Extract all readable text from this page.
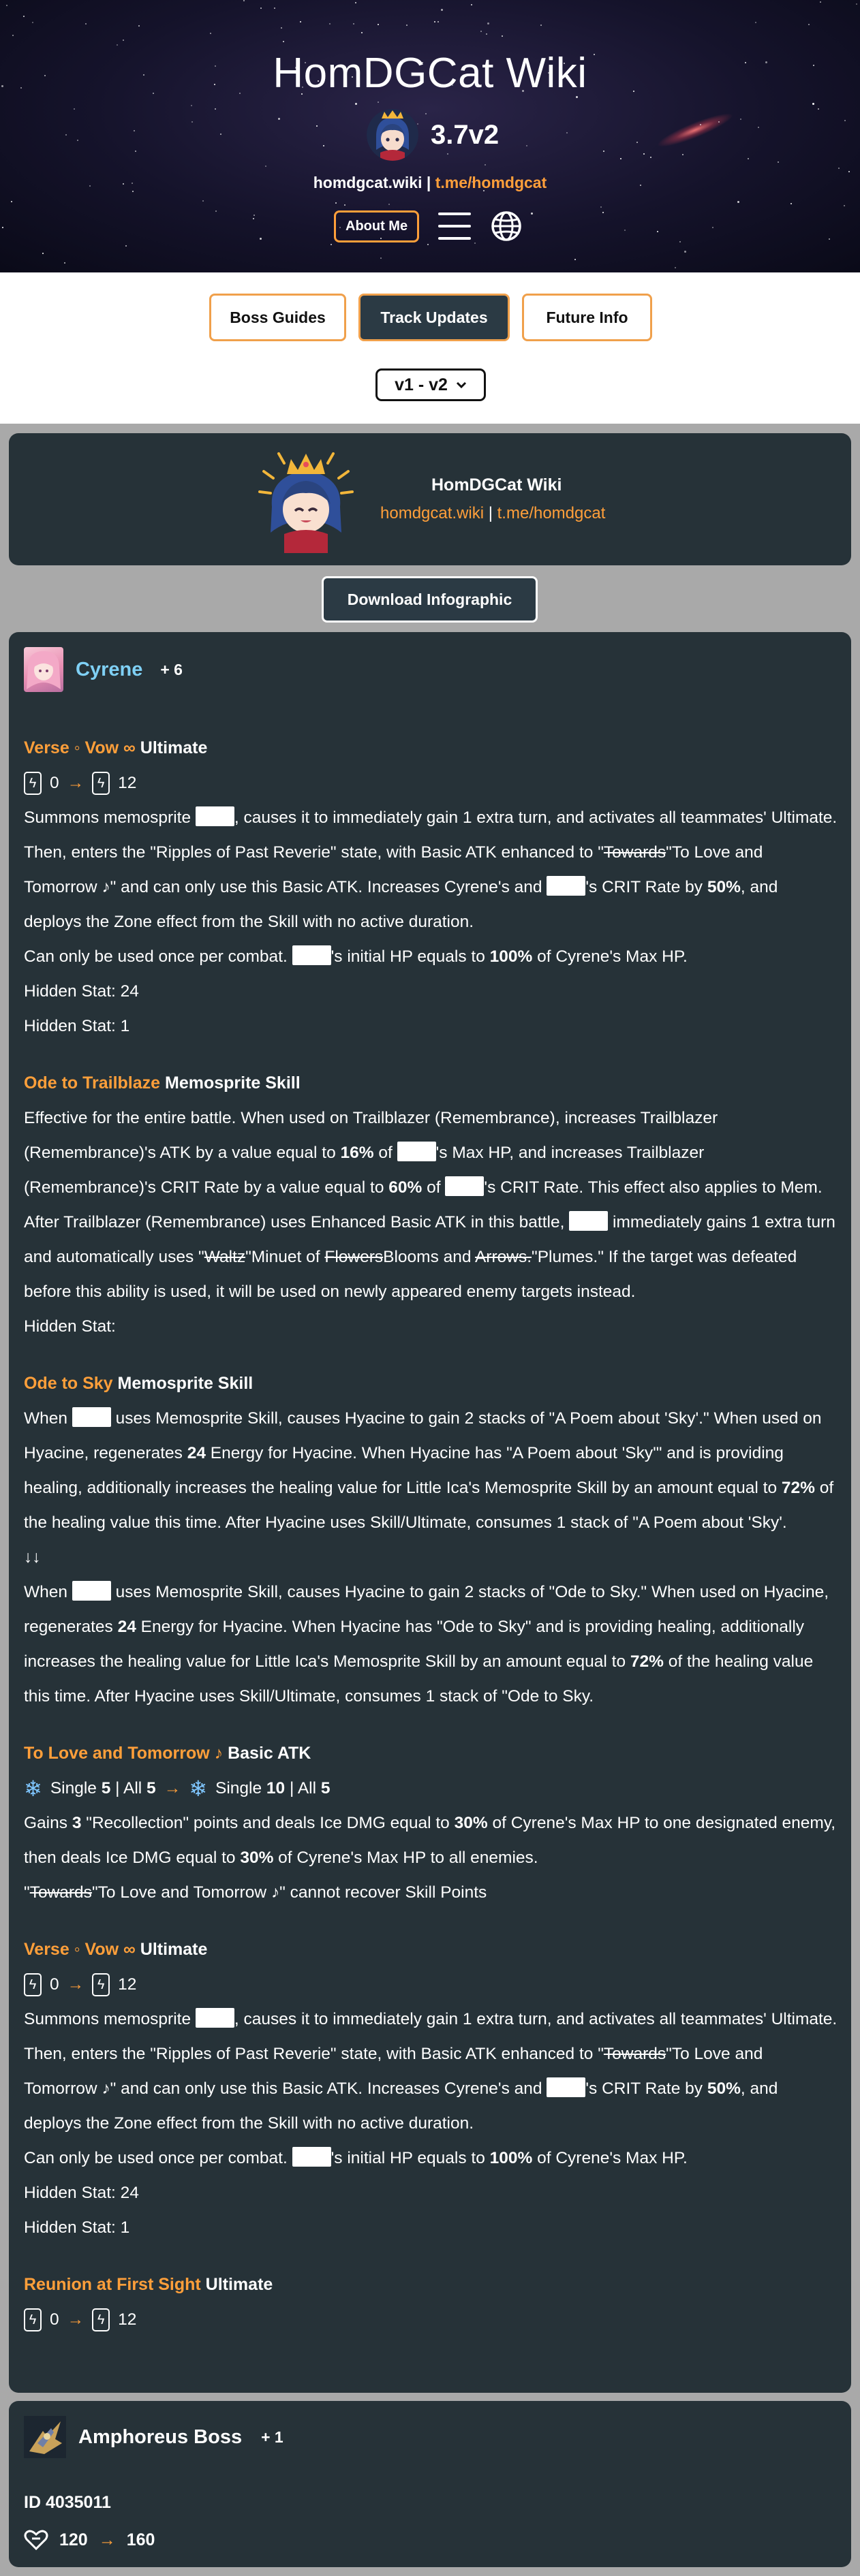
HomDGCat Wiki
3.7v2
homdgcat.wiki | t.me/homdgcat
About Me
Boss Guides	Track Updates	Future Info
v1 - v2
HomDGCat Wiki
homdgcat.wiki | t.me/homdgcat
Download Infographic
Cyrene + 6
Verse ◦ Vow ∞ Ultimate
ϟ 0 → ϟ 12
Summons memosprite , causes it to immediately gain 1 extra turn, and activates all teammates' Ultimate. Then, enters the "Ripples of Past Reverie" state, with Basic ATK enhanced to "Towards"To Love and Tomorrow ♪" and can only use this Basic ATK. Increases Cyrene's and 's CRIT Rate by 50%, and deploys the Zone effect from the Skill with no active duration.
Can only be used once per combat. 's initial HP equals to 100% of Cyrene's Max HP.
Hidden Stat: 24
Hidden Stat: 1
Ode to Trailblaze Memosprite Skill
Effective for the entire battle. When used on Trailblazer (Remembrance), increases Trailblazer (Remembrance)'s ATK by a value equal to 16% of 's Max HP, and increases Trailblazer (Remembrance)'s CRIT Rate by a value equal to 60% of 's CRIT Rate. This effect also applies to Mem. After Trailblazer (Remembrance) uses Enhanced Basic ATK in this battle,  immediately gains 1 extra turn and automatically uses "Waltz"Minuet of FlowersBlooms and Arrows."Plumes." If the target was defeated before this ability is used, it will be used on newly appeared enemy targets instead.
Hidden Stat:
Ode to Sky Memosprite Skill
When  uses Memosprite Skill, causes Hyacine to gain 2 stacks of "A Poem about 'Sky'." When used on Hyacine, regenerates 24 Energy for Hyacine. When Hyacine has "A Poem about 'Sky'" and is providing healing, additionally increases the healing value for Little Ica's Memosprite Skill by an amount equal to 72% of the healing value this time. After Hyacine uses Skill/Ultimate, consumes 1 stack of "A Poem about 'Sky'.
↓↓
When  uses Memosprite Skill, causes Hyacine to gain 2 stacks of "Ode to Sky." When used on Hyacine, regenerates 24 Energy for Hyacine. When Hyacine has "Ode to Sky" and is providing healing, additionally increases the healing value for Little Ica's Memosprite Skill by an amount equal to 72% of the healing value this time. After Hyacine uses Skill/Ultimate, consumes 1 stack of "Ode to Sky.
To Love and Tomorrow ♪ Basic ATK
❄ Single 5 | All 5 → ❄ Single 10 | All 5
Gains 3 "Recollection" points and deals Ice DMG equal to 30% of Cyrene's Max HP to one designated enemy, then deals Ice DMG equal to 30% of Cyrene's Max HP to all enemies.
"Towards"To Love and Tomorrow ♪" cannot recover Skill Points
Verse ◦ Vow ∞ Ultimate
ϟ 0 → ϟ 12
Summons memosprite , causes it to immediately gain 1 extra turn, and activates all teammates' Ultimate. Then, enters the "Ripples of Past Reverie" state, with Basic ATK enhanced to "Towards"To Love and Tomorrow ♪" and can only use this Basic ATK. Increases Cyrene's and 's CRIT Rate by 50%, and deploys the Zone effect from the Skill with no active duration.
Can only be used once per combat. 's initial HP equals to 100% of Cyrene's Max HP.
Hidden Stat: 24
Hidden Stat: 1
Reunion at First Sight Ultimate
ϟ 0 → ϟ 12
Amphoreus Boss + 1
ID 4035011
120 → 160
